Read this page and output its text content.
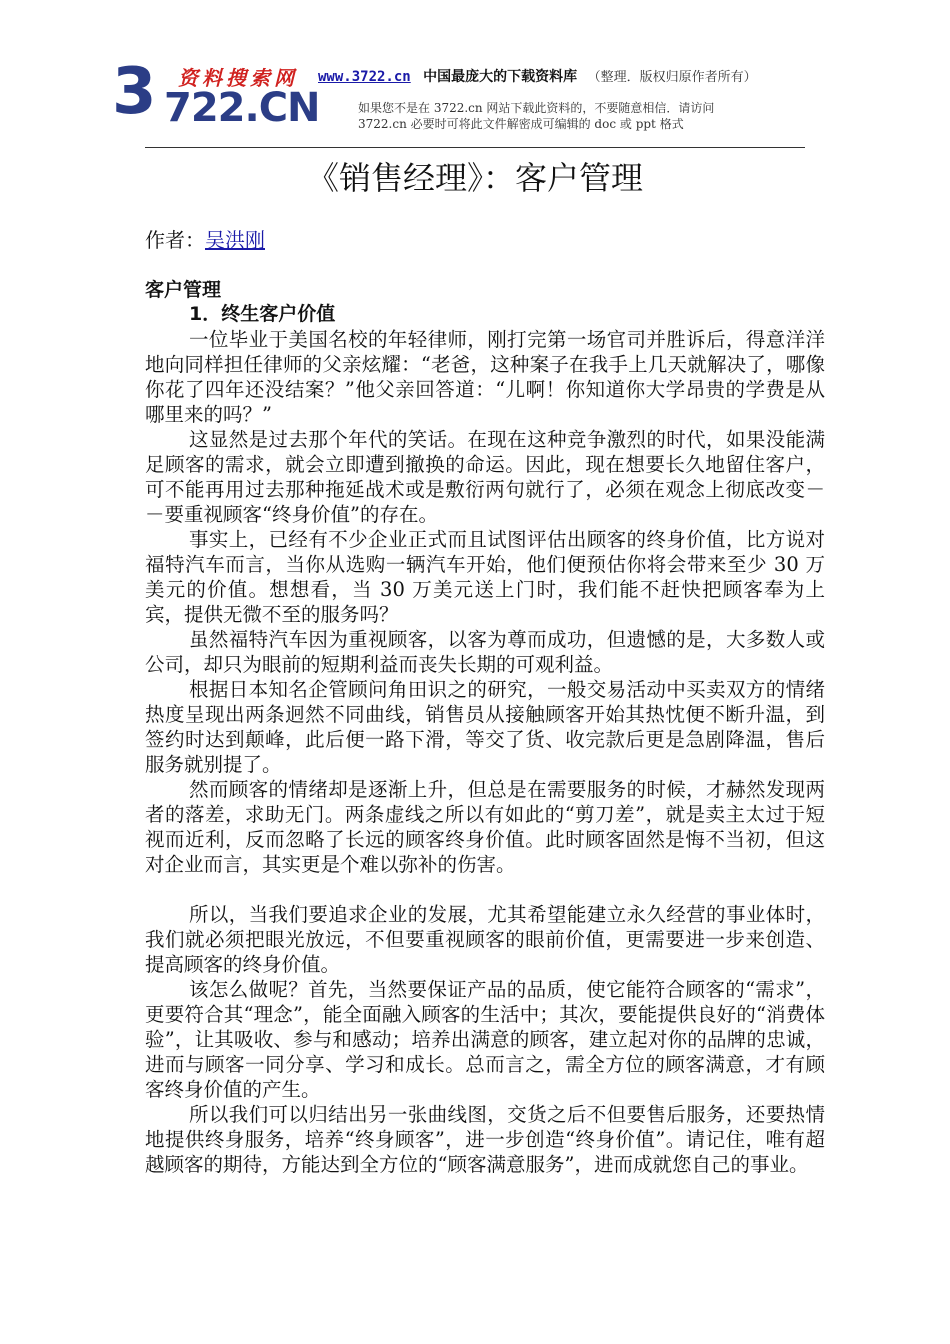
3 722.CN
资料搜索网 www.3722.cn 中国最庞大的下载资料库 （整理．版权归原作者所有）
如果您不是在 3722.cn 网站下载此资料的，不要随意相信．请访问
3722.cn 必要时可将此文件解密成可编辑的 doc 或 ppt 格式
《销售经理》：客户管理
作者：吴洪刚
客户管理
1．终生客户价值

一位毕业于美国名校的年轻律师，刚打完第一场官司并胜诉后，得意洋洋地向同样担任律师的父亲炫耀：“老爸，这种案子在我手上几天就解决了，哪像你花了四年还没结案？”他父亲回答道：“儿啊！你知道你大学昂贵的学费是从哪里来的吗？”

这显然是过去那个年代的笑话。在现在这种竞争激烈的时代，如果没能满足顾客的需求，就会立即遭到撤换的命运。因此，现在想要长久地留住客户，可不能再用过去那种拖延战术或是敷衍两句就行了，必须在观念上彻底改变－－要重视顾客“终身价值”的存在。

事实上，已经有不少企业正式而且试图评估出顾客的终身价值，比方说对福特汽车而言，当你从选购一辆汽车开始，他们便预估你将会带来至少 30 万美元的价值。想想看，当 30 万美元送上门时，我们能不赶快把顾客奉为上宾，提供无微不至的服务吗？

虽然福特汽车因为重视顾客，以客为尊而成功，但遗憾的是，大多数人或公司，却只为眼前的短期利益而丧失长期的可观利益。

根据日本知名企管顾问角田识之的研究，一般交易活动中买卖双方的情绪热度呈现出两条迥然不同曲线，销售员从接触顾客开始其热忱便不断升温，到签约时达到颠峰，此后便一路下滑，等交了货、收完款后更是急剧降温，售后服务就别提了。

然而顾客的情绪却是逐渐上升，但总是在需要服务的时候，才赫然发现两者的落差，求助无门。两条虚线之所以有如此的“剪刀差”，就是卖主太过于短视而近利，反而忽略了长远的顾客终身价值。此时顾客固然是悔不当初，但这对企业而言，其实更是个难以弥补的伤害。

所以，当我们要追求企业的发展，尤其希望能建立永久经营的事业体时，我们就必须把眼光放远，不但要重视顾客的眼前价值，更需要进一步来创造、提高顾客的终身价值。

该怎么做呢？首先，当然要保证产品的品质，使它能符合顾客的“需求”，更要符合其“理念”，能全面融入顾客的生活中；其次，要能提供良好的“消费体验”，让其吸收、参与和感动；培养出满意的顾客，建立起对你的品牌的忠诚，进而与顾客一同分享、学习和成长。总而言之，需全方位的顾客满意，才有顾客终身价值的产生。

所以我们可以归结出另一张曲线图，交货之后不但要售后服务，还要热情地提供终身服务，培养“终身顾客”，进一步创造“终身价值”。请记住，唯有超越顾客的期待，方能达到全方位的“顾客满意服务”，进而成就您自己的事业。
